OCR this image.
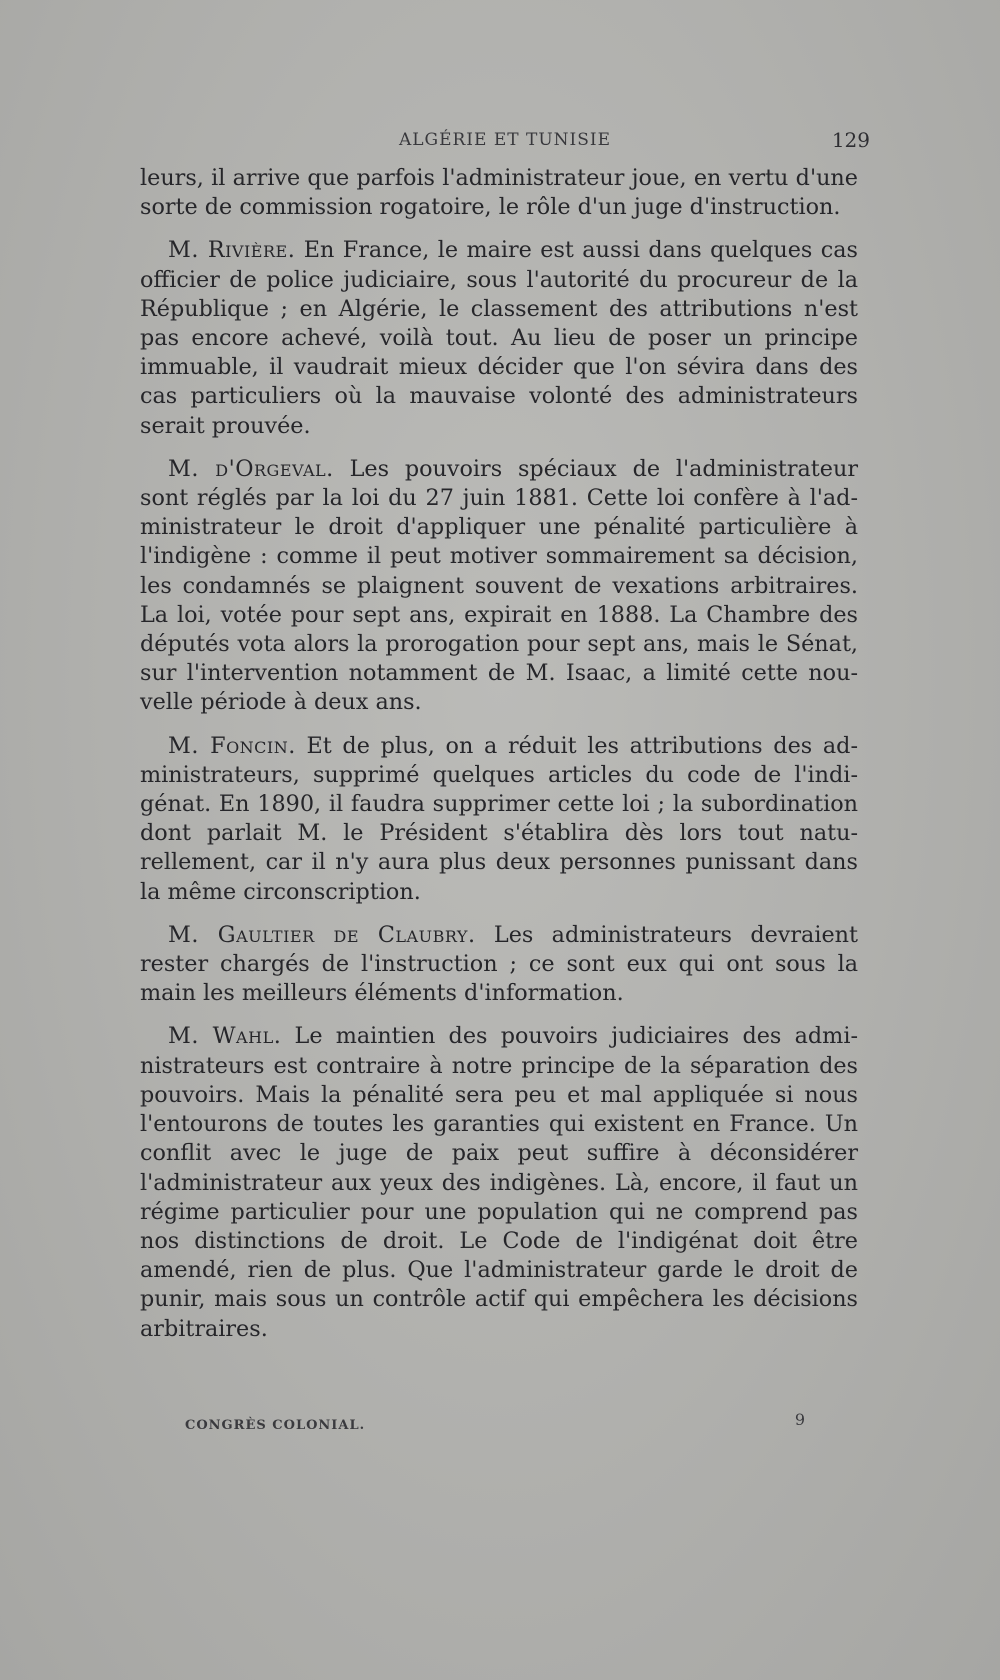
ALGÉRIE ET TUNISIE	129

leurs, il arrive que parfois l'administrateur joue, en vertu d'une sorte de commission rogatoire, le rôle d'un juge d'instruction.

M. Rivière. En France, le maire est aussi dans quelques cas officier de police judiciaire, sous l'autorité du procureur de la République ; en Algérie, le classement des attributions n'est pas encore achevé, voilà tout. Au lieu de poser un principe immuable, il vaudrait mieux décider que l'on sévira dans des cas particuliers où la mauvaise volonté des administrateurs serait prouvée.

M. d'Orgeval. Les pouvoirs spéciaux de l'administrateur sont réglés par la loi du 27 juin 1881. Cette loi confère à l'administrateur le droit d'appliquer une pénalité particulière à l'indigène : comme il peut motiver sommairement sa décision, les condamnés se plaignent souvent de vexations arbitraires. La loi, votée pour sept ans, expirait en 1888. La Chambre des députés vota alors la prorogation pour sept ans, mais le Sénat, sur l'intervention notamment de M. Isaac, a limité cette nouvelle période à deux ans.

M. Foncin. Et de plus, on a réduit les attributions des administrateurs, supprimé quelques articles du code de l'indigénat. En 1890, il faudra supprimer cette loi ; la subordination dont parlait M. le Président s'établira dès lors tout naturellement, car il n'y aura plus deux personnes punissant dans la même circonscription.

M. Gaultier de Claubry. Les administrateurs devraient rester chargés de l'instruction ; ce sont eux qui ont sous la main les meilleurs éléments d'information.

M. Wahl. Le maintien des pouvoirs judiciaires des administrateurs est contraire à notre principe de la séparation des pouvoirs. Mais la pénalité sera peu et mal appliquée si nous l'entourons de toutes les garanties qui existent en France. Un conflit avec le juge de paix peut suffire à déconsidérer l'administrateur aux yeux des indigènes. Là, encore, il faut un régime particulier pour une population qui ne comprend pas nos distinctions de droit. Le Code de l'indigénat doit être amendé, rien de plus. Que l'administrateur garde le droit de punir, mais sous un contrôle actif qui empêchera les décisions arbitraires.

CONGRÈS COLONIAL.	9
